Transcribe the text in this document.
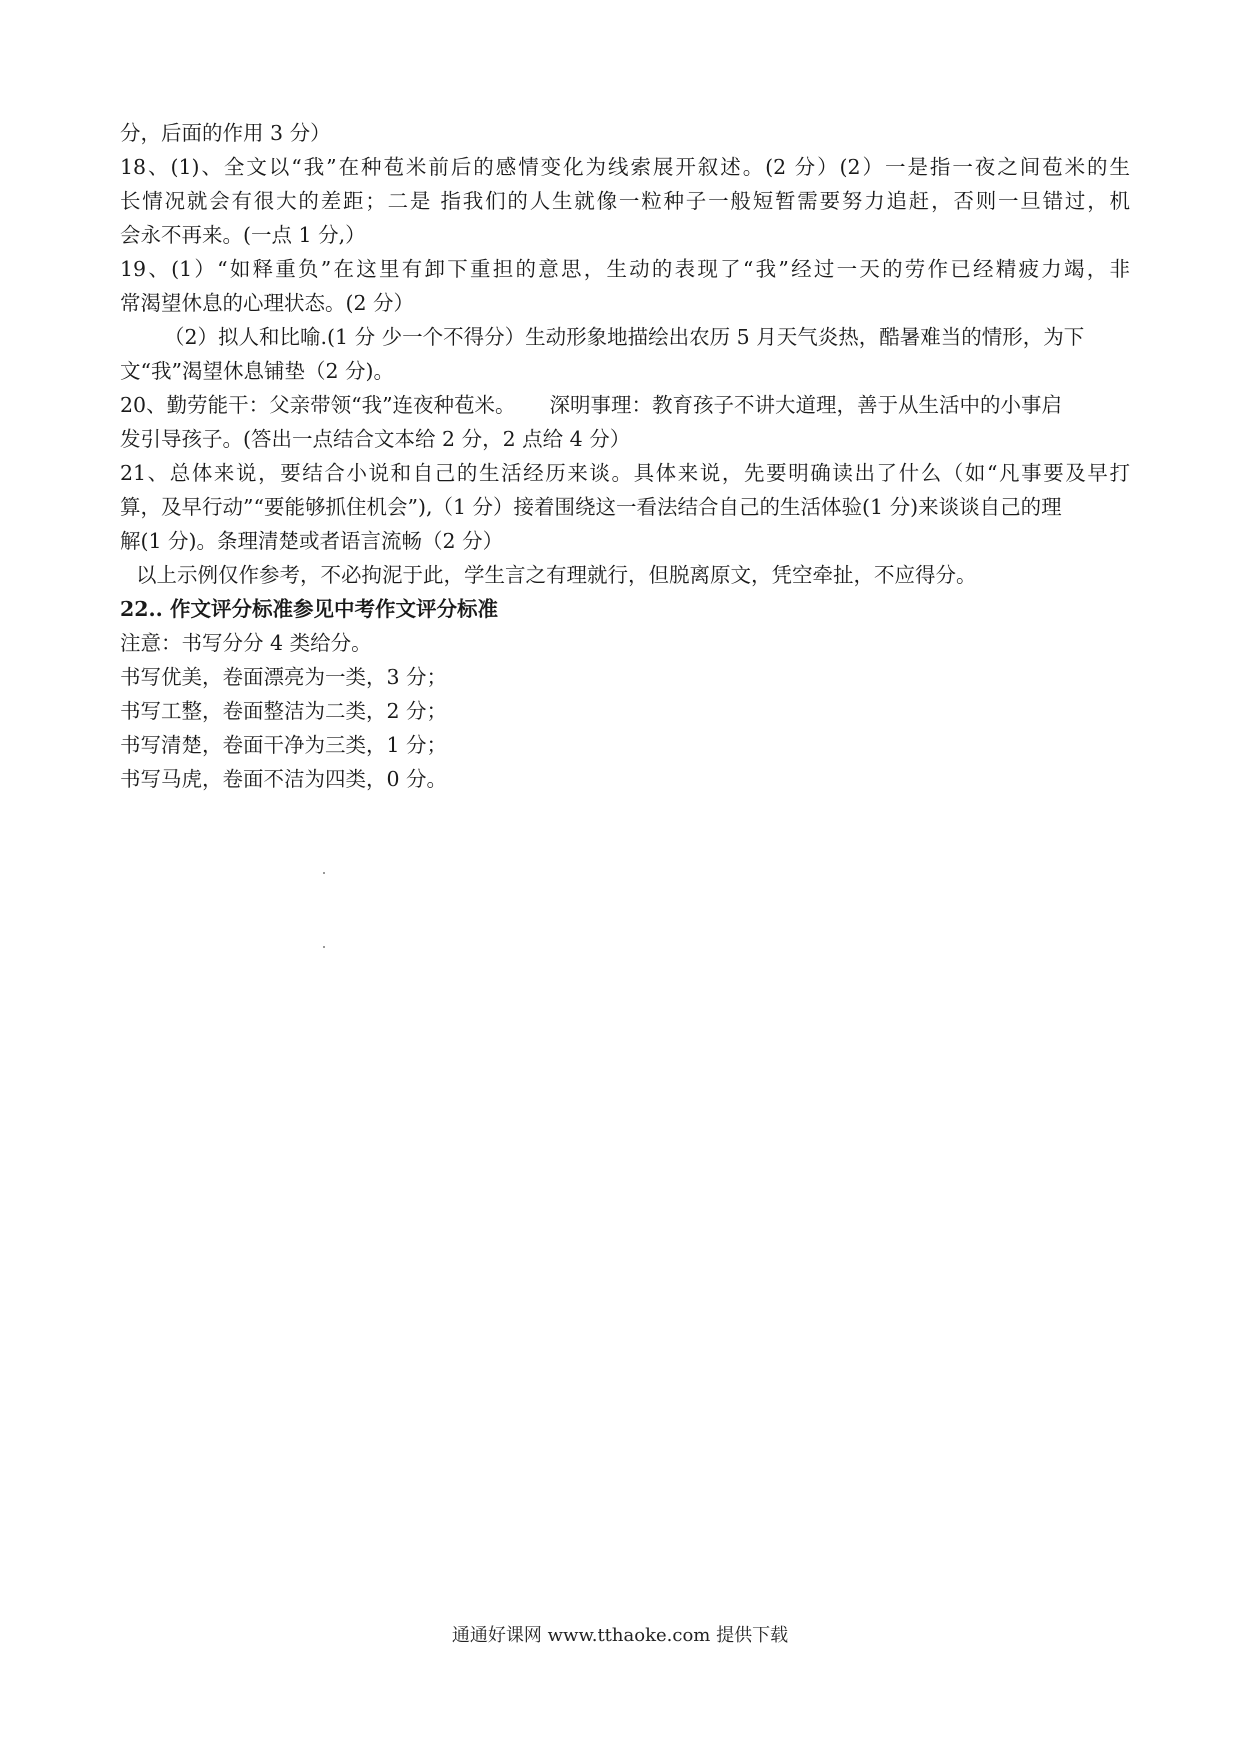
分，后面的作用 3 分）

18、(1)、全文以“我”在种苞米前后的感情变化为线索展开叙述。(2 分）(2）一是指一夜之间苞米的生

长情况就会有很大的差距；二是 指我们的人生就像一粒种子一般短暂需要努力追赶，否则一旦错过，机

会永不再来。(一点 1 分,）

19、(1）“如释重负”在这里有卸下重担的意思，生动的表现了“我”经过一天的劳作已经精疲力竭，非

常渴望休息的心理状态。(2 分）

（2）拟人和比喻.(1 分 少一个不得分）生动形象地描绘出农历 5 月天气炎热，酷暑难当的情形，为下

文“我”渴望休息铺垫（2 分)。

20、勤劳能干：父亲带领“我”连夜种苞米。 深明事理：教育孩子不讲大道理，善于从生活中的小事启

发引导孩子。(答出一点结合文本给 2 分，2 点给 4 分）

21、总体来说，要结合小说和自己的生活经历来谈。具体来说，先要明确读出了什么（如“凡事要及早打

算，及早行动”“要能够抓住机会”),（1 分）接着围绕这一看法结合自己的生活体验(1 分)来谈谈自己的理

解(1 分)。条理清楚或者语言流畅（2 分）

以上示例仅作参考，不必拘泥于此，学生言之有理就行，但脱离原文，凭空牵扯，不应得分。

22.. 作文评分标准参见中考作文评分标准

注意：书写分分 4 类给分。

书写优美，卷面漂亮为一类，3 分；

书写工整，卷面整洁为二类，2 分；

书写清楚，卷面干净为三类，1 分；

书写马虎，卷面不洁为四类，0 分。

通通好课网 www.tthaoke.com 提供下载
